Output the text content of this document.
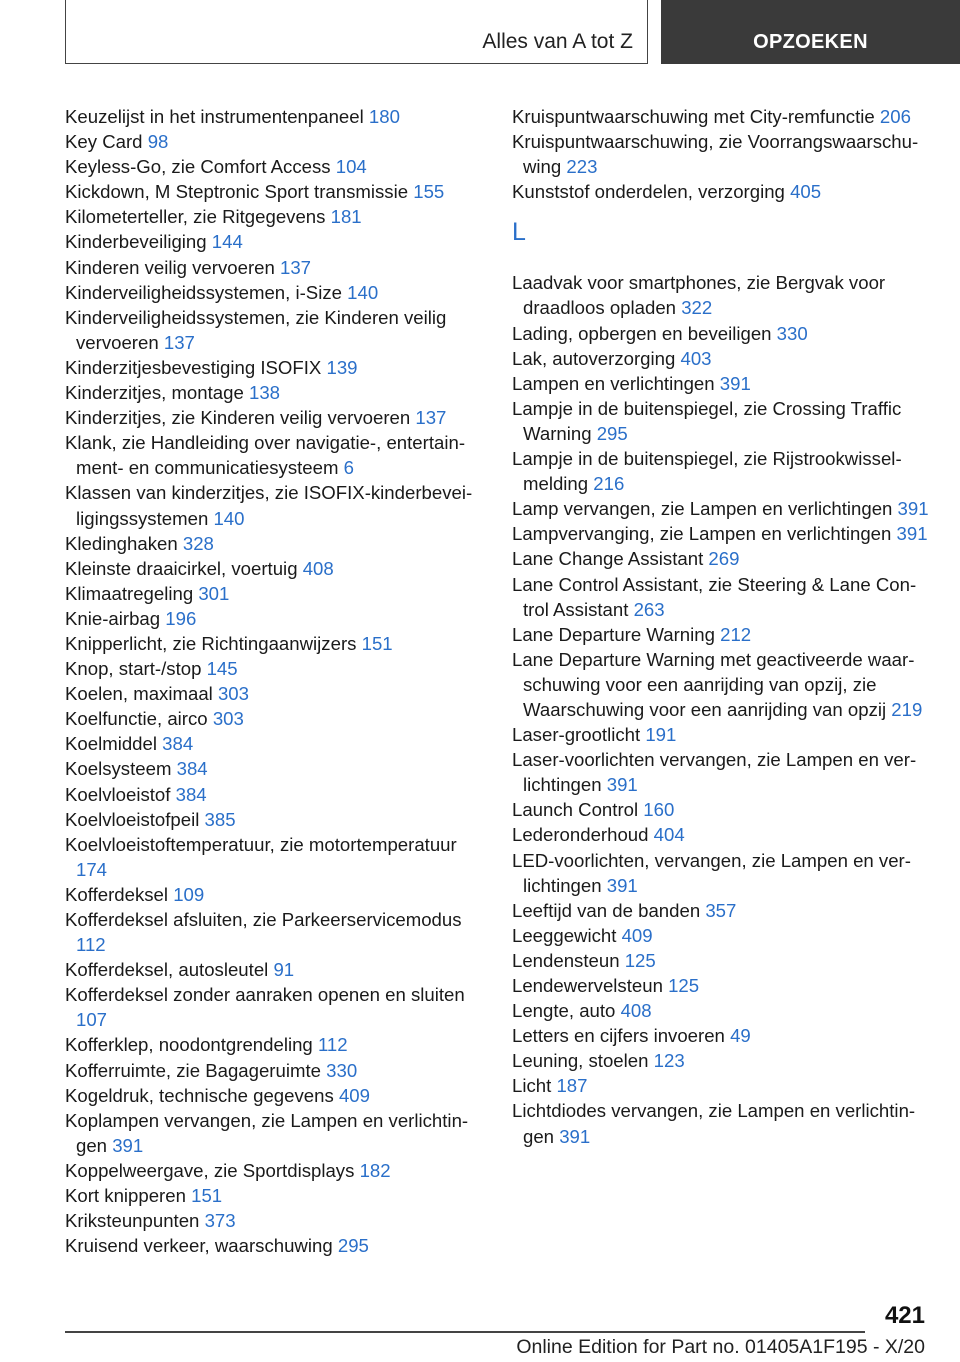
Alles van A tot Z	OPZOEKEN

Keuzelijst in het instrumentenpaneel 180

Key Card 98

Keyless-Go, zie Comfort Access 104

Kickdown, M Steptronic Sport transmissie 155

Kilometerteller, zie Ritgegevens 181

Kinderbeveiliging 144

Kinderen veilig vervoeren 137

Kinderveiligheidssystemen, i-Size 140

Kinderveiligheidssystemen, zie Kinderen veilig vervoeren 137

Kinderzitjesbevestiging ISOFIX 139

Kinderzitjes, montage 138

Kinderzitjes, zie Kinderen veilig vervoeren 137

Klank, zie Handleiding over navigatie-, entertainment- en communicatiesysteem 6

Klassen van kinderzitjes, zie ISOFIX-kinderbeveiligingssystemen 140

Kledinghaken 328

Kleinste draaicirkel, voertuig 408

Klimaatregeling 301

Knie-airbag 196

Knipperlicht, zie Richtingaanwijzers 151

Knop, start-/stop 145

Koelen, maximaal 303

Koelfunctie, airco 303

Koelmiddel 384

Koelsysteem 384

Koelvloeistof 384

Koelvloeistofpeil 385

Koelvloeistoftemperatuur, zie motortemperatuur 174

Kofferdeksel 109

Kofferdeksel afsluiten, zie Parkeerservicemodus 112

Kofferdeksel, autosleutel 91

Kofferdeksel zonder aanraken openen en sluiten 107

Kofferklep, noodontgrendeling 112

Kofferruimte, zie Bagageruimte 330

Kogeldruk, technische gegevens 409

Koplampen vervangen, zie Lampen en verlichtingen 391

Koppelweergave, zie Sportdisplays 182

Kort knipperen 151

Kriksteunpunten 373

Kruisend verkeer, waarschuwing 295

Kruispuntwaarschuwing met City-remfunctie 206

Kruispuntwaarschuwing, zie Voorrangswaarschuwing 223

Kunststof onderdelen, verzorging 405

L

Laadvak voor smartphones, zie Bergvak voor draadloos opladen 322

Lading, opbergen en beveiligen 330

Lak, autoverzorging 403

Lampen en verlichtingen 391

Lampje in de buitenspiegel, zie Crossing Traffic Warning 295

Lampje in de buitenspiegel, zie Rijstrookwisselmelding 216

Lamp vervangen, zie Lampen en verlichtingen 391

Lampvervanging, zie Lampen en verlichtingen 391

Lane Change Assistant 269

Lane Control Assistant, zie Steering & Lane Control Assistant 263

Lane Departure Warning 212

Lane Departure Warning met geactiveerde waarschuwing voor een aanrijding van opzij, zie Waarschuwing voor een aanrijding van opzij 219

Laser-grootlicht 191

Laser-voorlichten vervangen, zie Lampen en verlichtingen 391

Launch Control 160

Lederonderhoud 404

LED-voorlichten, vervangen, zie Lampen en verlichtingen 391

Leeftijd van de banden 357

Leeggewicht 409

Lendensteun 125

Lendewervelsteun 125

Lengte, auto 408

Letters en cijfers invoeren 49

Leuning, stoelen 123

Licht 187

Lichtdiodes vervangen, zie Lampen en verlichtingen 391

421
Online Edition for Part no. 01405A1F195 - X/20
